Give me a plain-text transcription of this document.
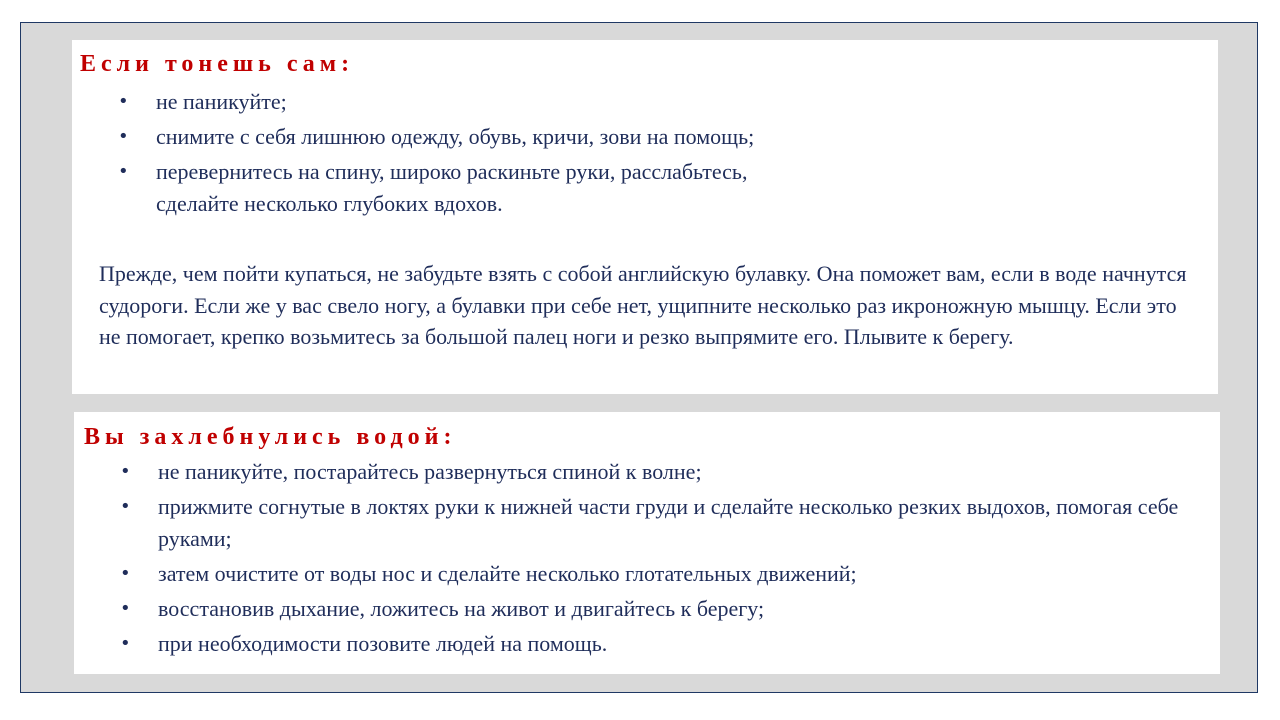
Если тонешь сам:
• не паникуйте;
• снимите с себя лишнюю одежду, обувь, кричи, зови на помощь;
• перевернитесь на спину, широко раскиньте руки, расслабьтесь,
сделайте несколько глубоких вдохов.

Прежде, чем пойти купаться, не забудьте взять с собой английскую булавку. Она поможет вам, если в воде начнутся судороги. Если же у вас свело ногу, а булавки при себе нет, ущипните несколько раз икроножную мышцу. Если это не помогает, крепко возьмитесь за большой палец ноги и резко выпрямите его. Плывите к берегу.

Вы захлебнулись водой:
• не паникуйте, постарайтесь развернуться спиной к волне;
• прижмите согнутые в локтях руки к нижней части груди и сделайте несколько резких выдохов, помогая себе руками;
• затем очистите от воды нос и сделайте несколько глотательных движений;
• восстановив дыхание, ложитесь на живот и двигайтесь к берегу;
• при необходимости позовите людей на помощь.
